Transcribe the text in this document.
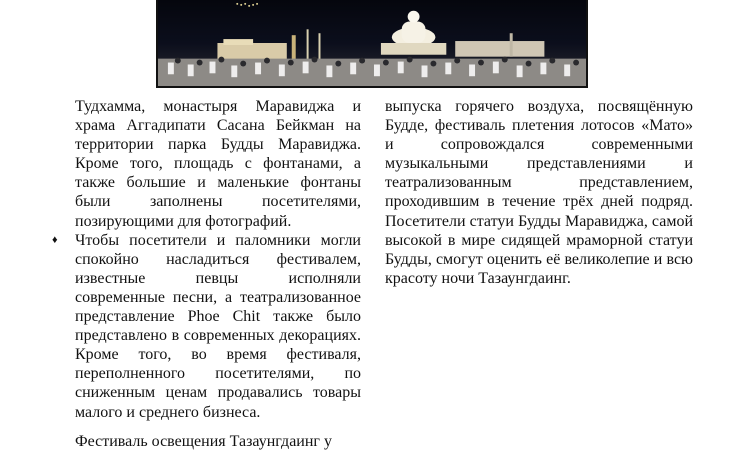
Тудхамма, монастыря Маравиджа и храма Аггадипати Сасана Бейкман на территории парка Будды Маравиджа. Кроме того, площадь с фонтанами, а также большие и маленькие фонтаны были заполнены посетителями, позирующими для фотографий.

♦ Чтобы посетители и паломники могли спокойно насладиться фестивалем, известные певцы исполняли современные песни, а театрализованное представление Phoe Chit также было представлено в современных декорациях. Кроме того, во время фестиваля, переполненного посетителями, по сниженным ценам продавались товары малого и среднего бизнеса.

Фестиваль освещения Тазаунгдаинг у

выпуска горячего воздуха, посвящённую Будде, фестиваль плетения лотосов «Мато» и сопровождался современными музыкальными представлениями и театрализованным представлением, проходившим в течение трёх дней подряд. Посетители статуи Будды Маравиджа, самой высокой в мире сидящей мраморной статуи Будды, смогут оценить её великолепие и всю красоту ночи Тазаунгдаинг.
